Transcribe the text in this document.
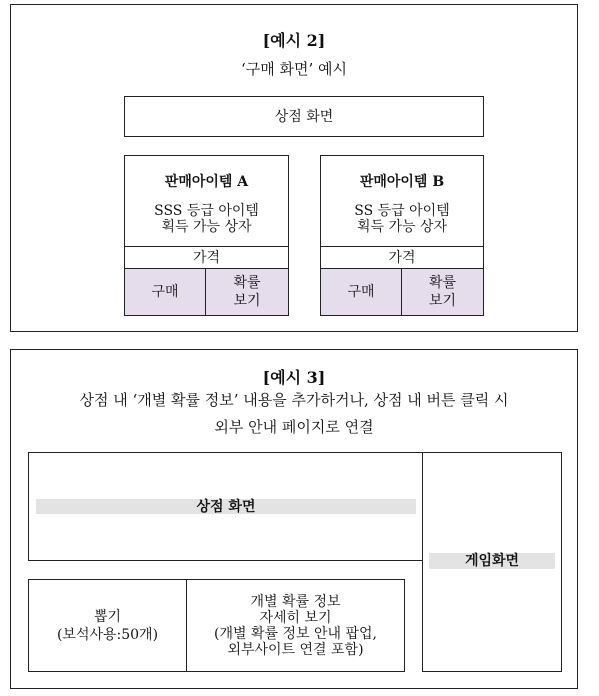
[예시 2]
‘구매 화면’ 예시
상점 화면
판매아이템 A
SSS 등급 아이템
획득 가능 상자
가격
구매
확률
보기
판매아이템 B
SS 등급 아이템
획득 가능 상자
가격
구매
확률
보기
[예시 3]
상점 내 ‘개별 확률 정보’ 내용을 추가하거나, 상점 내 버튼 클릭 시
외부 안내 페이지로 연결
상점 화면
게임화면
뽑기
(보석사용:50개)
개별 확률 정보
자세히 보기
(개별 확률 정보 안내 팝업,
외부사이트 연결 포함)
